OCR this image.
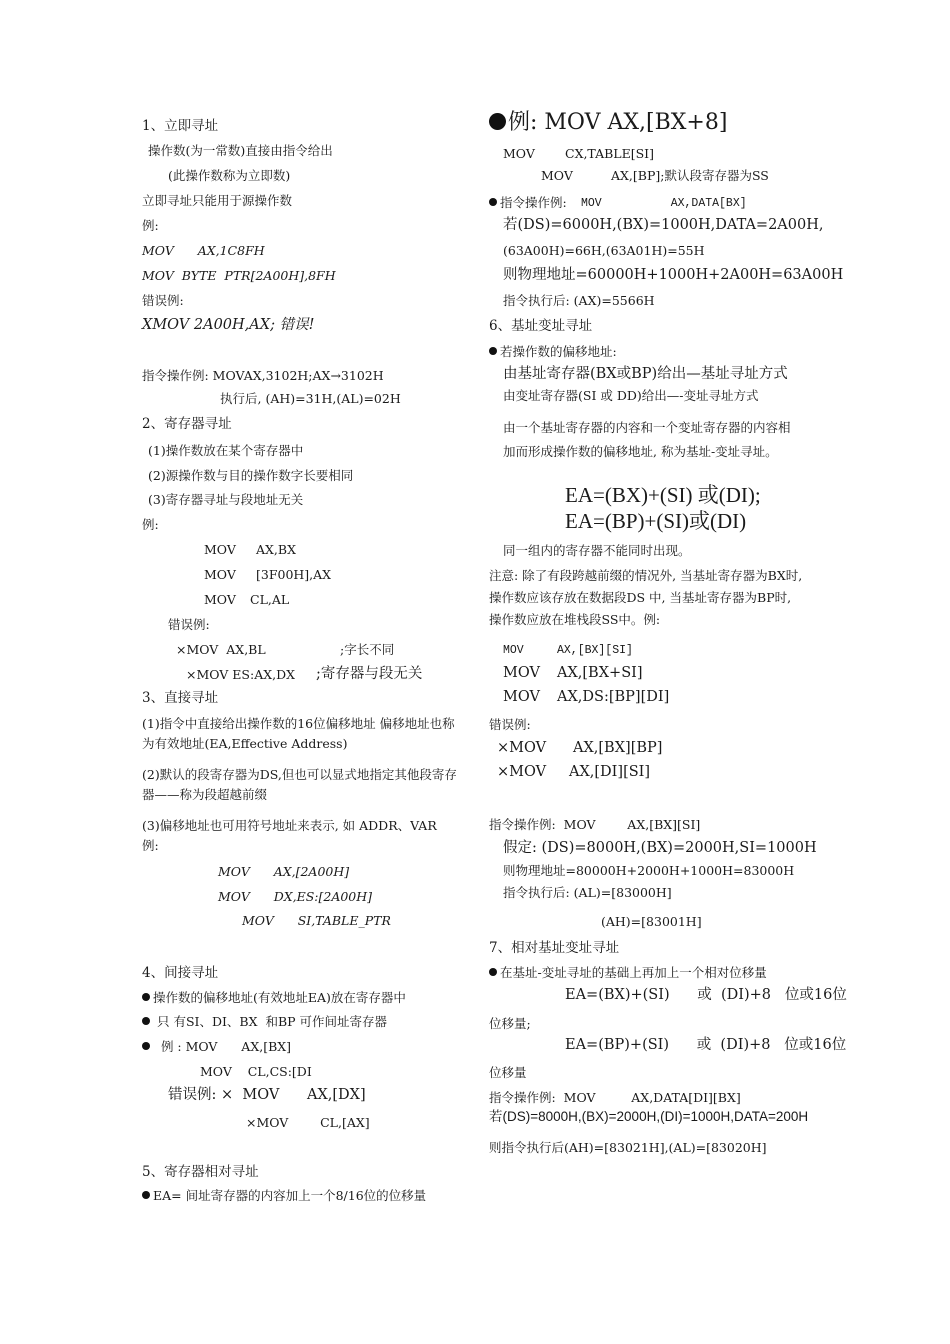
1、立即寻址
操作数(为一常数)直接由指令给出
(此操作数称为立即数)
立即寻址只能用于源操作数
例:
MOV      AX,1C8FH
MOV  BYTE  PTR[2A00H],8FH
错误例:
XMOV 2A00H,AX; 错误!
指令操作例: MOVAX,3102H;AX→3102H
执行后, (AH)=31H,(AL)=02H
2、寄存器寻址
(1)操作数放在某个寄存器中
(2)源操作数与目的操作数字长要相同
(3)寄存器寻址与段地址无关
例:
MOV AX,BX
MOV [3F00H],AX
MOV CL,AL
错误例:
×MOV  AX,BL	;字长不同
×MOV ES:AX,DX ;寄存器与段无关
3、直接寻址
(1)指令中直接给出操作数的16位偏移地址 偏移地址也称为有效地址(EA,Effective Address)
(2)默认的段寄存器为DS,但也可以显式地指定其他段寄存器——称为段超越前缀
(3)偏移地址也可用符号地址来表示, 如 ADDR、VAR
例:
MOV      AX,[2A00H]
MOV      DX,ES:[2A00H]
MOV      SI,TABLE_PTR
4、间接寻址
操作数的偏移地址(有效地址EA)放在寄存器中
只 有SI、DI、BX  和BP 可作间址寄存器
例 : MOV      AX,[BX]
MOV    CL,CS:[DI
错误例: ×  MOV      AX,[DX]
×MOV        CL,[AX]
5、寄存器相对寻址
EA= 间址寄存器的内容加上一个8/16位的位移量
例: MOV AX,[BX+8]
MOV CX,TABLE[SI]
MOV	AX,[BP];默认段寄存器为SS
指令操作例: MOV          AX,DATA[BX]
若(DS)=6000H,(BX)=1000H,DATA=2A00H,
(63A00H)=66H,(63A01H)=55H
则物理地址=60000H+1000H+2A00H=63A00H
指令执行后: (AX)=5566H
6、基址变址寻址
若操作数的偏移地址:
由基址寄存器(BX或BP)给出—基址寻址方式
由变址寄存器(SI 或 DD)给出—-变址寻址方式
由一个基址寄存器的内容和一个变址寄存器的内容相加而形成操作数的偏移地址, 称为基址-变址寻址。
EA=(BX)+(SI) 或(DI);
EA=(BP)+(SI)或(DI)
同一组内的寄存器不能同时出现。
注意: 除了有段跨越前缀的情况外, 当基址寄存器为BX时, 操作数应该存放在数据段DS 中, 当基址寄存器为BP时, 操作数应放在堆栈段SS中。例:
MOV	AX,[BX][SI]
MOV AX,[BX+SI]
MOV AX,DS:[BP][DI]
错误例:
×MOV AX,[BX][BP]
×MOV AX,[DI][SI]
指令操作例:  MOV        AX,[BX][SI]
假定: (DS)=8000H,(BX)=2000H,SI=1000H
则物理地址=80000H+2000H+1000H=83000H
指令执行后: (AL)=[83000H]
(AH)=[83001H]
7、相对基址变址寻址
在基址-变址寻址的基础上再加上一个相对位移量
EA=(BX)+(SI)      或  (DI)+8   位或16位
位移量;
EA=(BP)+(SI)      或  (DI)+8   位或16位
位移量
指令操作例:  MOV         AX,DATA[DI][BX]
若(DS)=8000H,(BX)=2000H,(DI)=1000H,DATA=200H
则指令执行后(AH)=[83021H],(AL)=[83020H]
